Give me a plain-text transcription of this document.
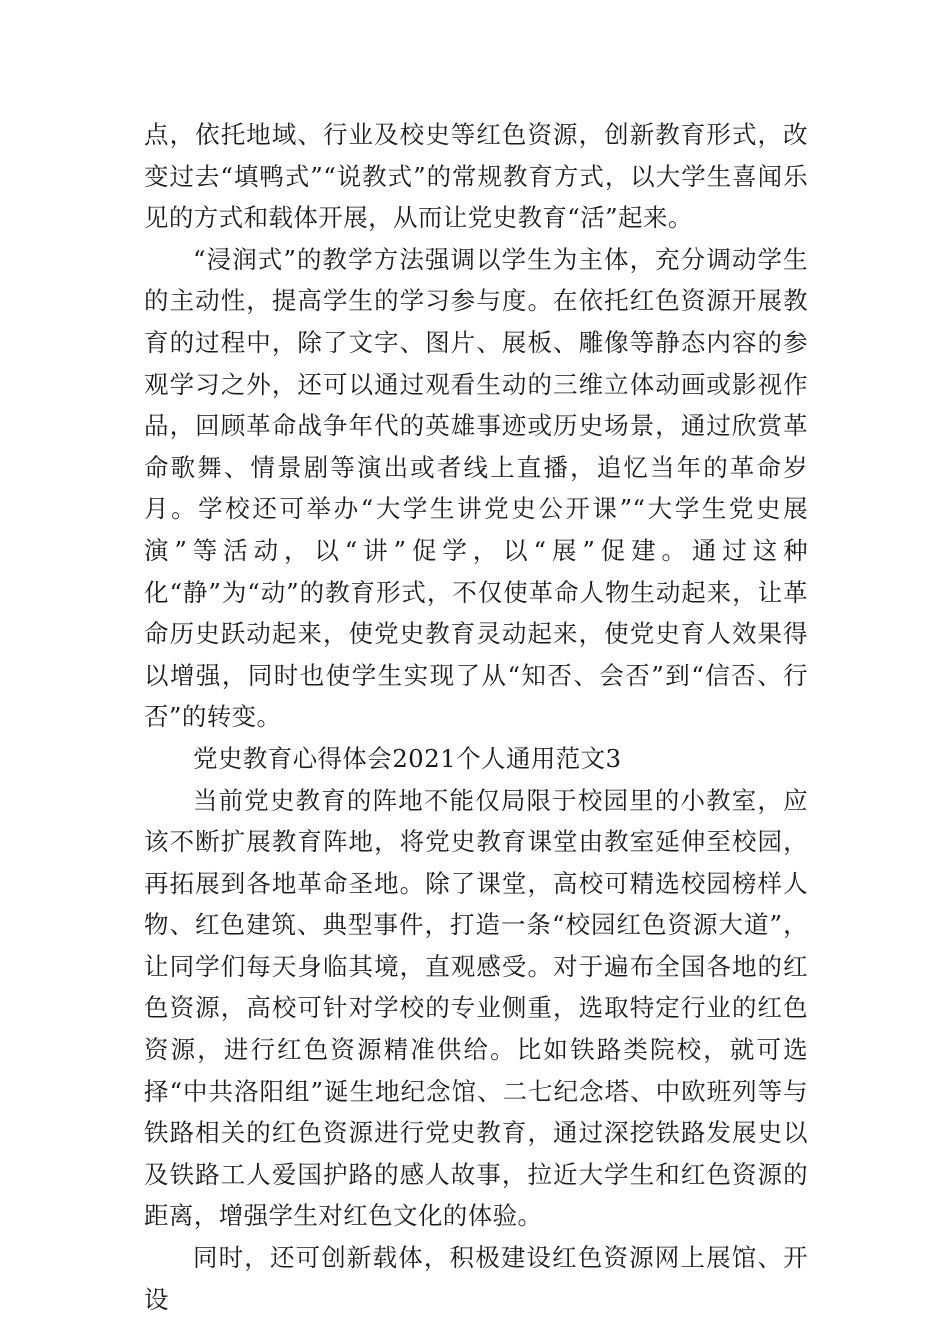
点，依托地域、行业及校史等红色资源，创新教育形式，改变过去“填鸭式”“说教式”的常规教育方式，以大学生喜闻乐见的方式和载体开展，从而让党史教育“活”起来。

“浸润式”的教学方法强调以学生为主体，充分调动学生的主动性，提高学生的学习参与度。在依托红色资源开展教育的过程中，除了文字、图片、展板、雕像等静态内容的参观学习之外，还可以通过观看生动的三维立体动画或影视作品，回顾革命战争年代的英雄事迹或历史场景，通过欣赏革命歌舞、情景剧等演出或者线上直播，追忆当年的革命岁月。学校还可举办“大学生讲党史公开课”“大学生党史展演”等活动，以“讲”促学，以“展”促建。通过这种化“静”为“动”的教育形式，不仅使革命人物生动起来，让革命历史跃动起来，使党史教育灵动起来，使党史育人效果得以增强，同时也使学生实现了从“知否、会否”到“信否、行否”的转变。

党史教育心得体会2021个人通用范文3

当前党史教育的阵地不能仅局限于校园里的小教室，应该不断扩展教育阵地，将党史教育课堂由教室延伸至校园，再拓展到各地革命圣地。除了课堂，高校可精选校园榜样人物、红色建筑、典型事件，打造一条“校园红色资源大道”，让同学们每天身临其境，直观感受。对于遍布全国各地的红色资源，高校可针对学校的专业侧重，选取特定行业的红色资源，进行红色资源精准供给。比如铁路类院校，就可选择“中共洛阳组”诞生地纪念馆、二七纪念塔、中欧班列等与铁路相关的红色资源进行党史教育，通过深挖铁路发展史以及铁路工人爱国护路的感人故事，拉近大学生和红色资源的距离，增强学生对红色文化的体验。

同时，还可创新载体，积极建设红色资源网上展馆、开设
